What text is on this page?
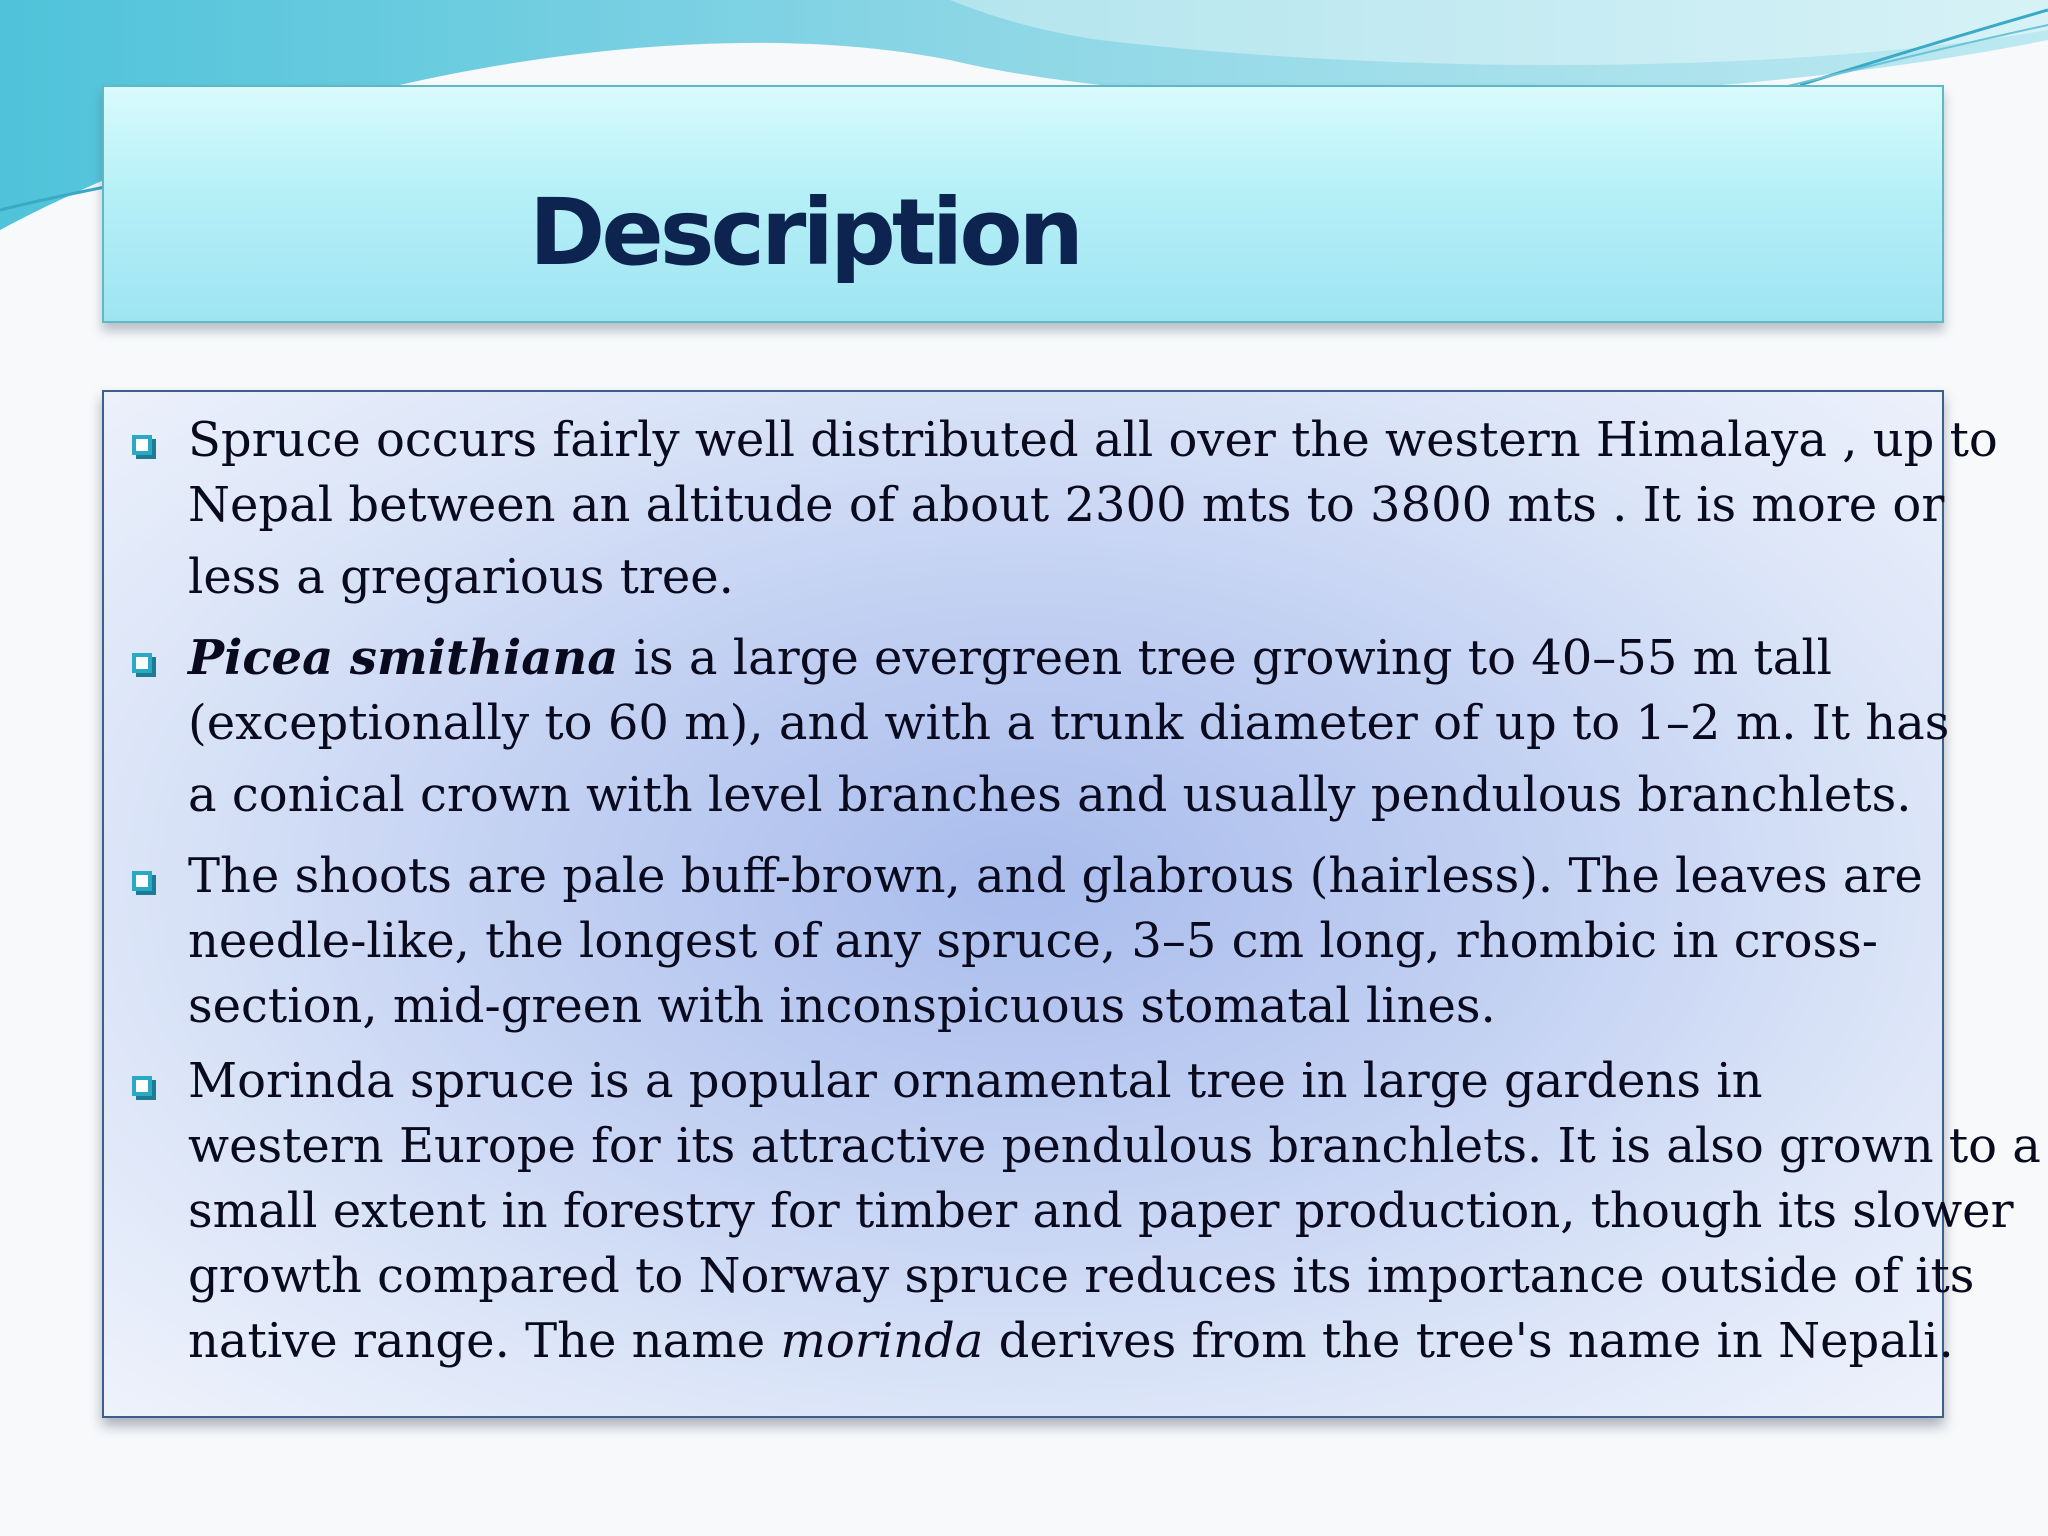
Description
Spruce occurs fairly well distributed all over the western Himalaya , up to
Nepal between an altitude of about 2300 mts to 3800 mts . It is more or
less a gregarious tree.
Picea smithiana is a large evergreen tree growing to 40–55 m tall
(exceptionally to 60 m), and with a trunk diameter of up to 1–2 m. It has
a conical crown with level branches and usually pendulous branchlets.
The shoots are pale buff-brown, and glabrous (hairless). The leaves are
needle-like, the longest of any spruce, 3–5 cm long, rhombic in cross-
section, mid-green with inconspicuous stomatal lines.
Morinda spruce is a popular ornamental tree in large gardens in
western Europe for its attractive pendulous branchlets. It is also grown to a
small extent in forestry for timber and paper production, though its slower
growth compared to Norway spruce reduces its importance outside of its
native range. The name morinda derives from the tree's name in Nepali.
